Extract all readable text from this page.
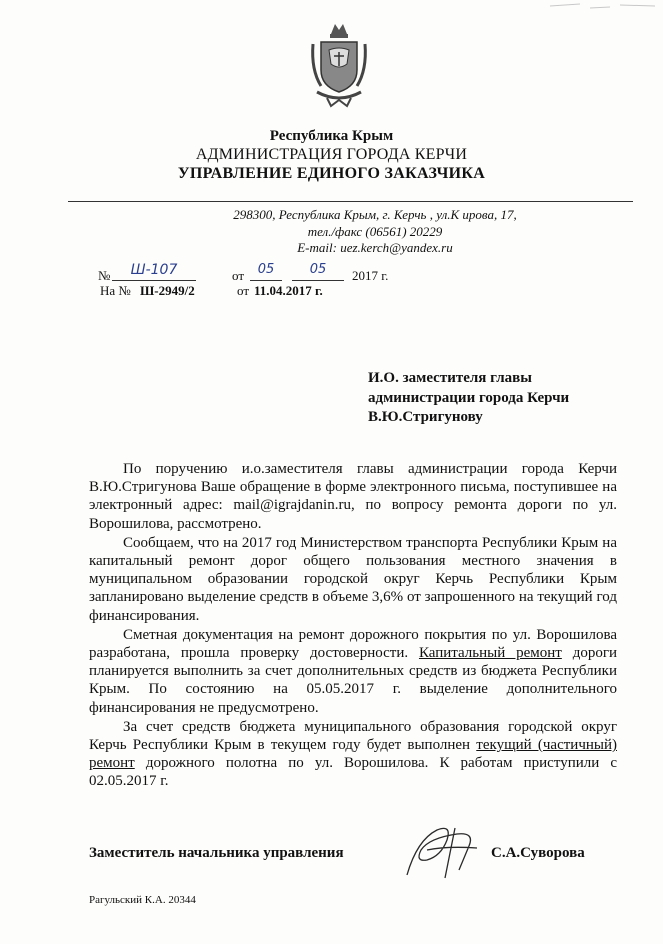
Республика Крым
АДМИНИСТРАЦИЯ ГОРОДА КЕРЧИ
УПРАВЛЕНИЕ ЕДИНОГО ЗАКАЗЧИКА
298300, Республика Крым, г. Керчь , ул.К ирова, 17,
тел./факс (06561) 20229
E-mail: uez.kerch@yandex.ru
№	Ш-107	от	05	05	2017 г.
На № Ш-2949/2	от 11.04.2017 г.
И.О. заместителя главы
администрации города Керчи
В.Ю.Стригунову

По поручению и.о.заместителя главы администрации города Керчи В.Ю.Стригунова Ваше обращение в форме электронного письма, поступившее на электронный адрес: mail@igrajdanin.ru, по вопросу ремонта дороги по ул. Ворошилова, рассмотрено.

Сообщаем, что на 2017 год Министерством транспорта Республики Крым на капитальный ремонт дорог общего пользования местного значения в муниципальном образовании городской округ Керчь Республики Крым запланировано выделение средств в объеме 3,6% от запрошенного на текущий год финансирования.

Сметная документация на ремонт дорожного покрытия по ул. Ворошилова разработана, прошла проверку достоверности. Капитальный ремонт дороги планируется выполнить за счет дополнительных средств из бюджета Республики Крым. По состоянию на 05.05.2017 г. выделение дополнительного финансирования не предусмотрено.

За счет средств бюджета муниципального образования городской округ Керчь Республики Крым в текущем году будет выполнен текущий (частичный) ремонт дорожного полотна по ул. Ворошилова. К работам приступили с 02.05.2017 г.

Заместитель начальника управления	С.А.Суворова
Рагульский К.А. 20344
